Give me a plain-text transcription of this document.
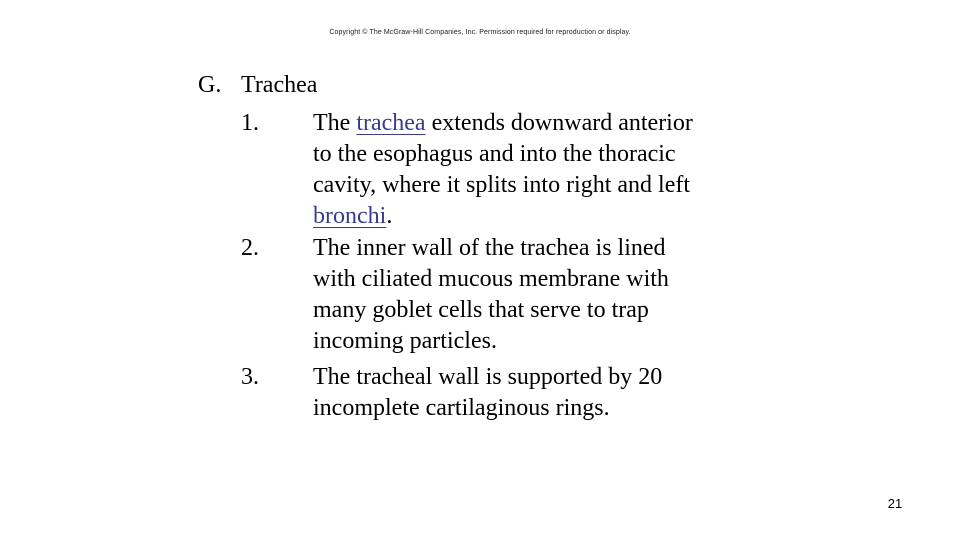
Copyright © The McGraw-Hill Companies, Inc. Permission required for reproduction or display.
G. Trachea
1. The trachea extends downward anterior
to the esophagus and into the thoracic
cavity, where it splits into right and left
bronchi.
2. The inner wall of the trachea is lined
with ciliated mucous membrane with
many goblet cells that serve to trap
incoming particles.
3. The tracheal wall is supported by 20
incomplete cartilaginous rings.
21
